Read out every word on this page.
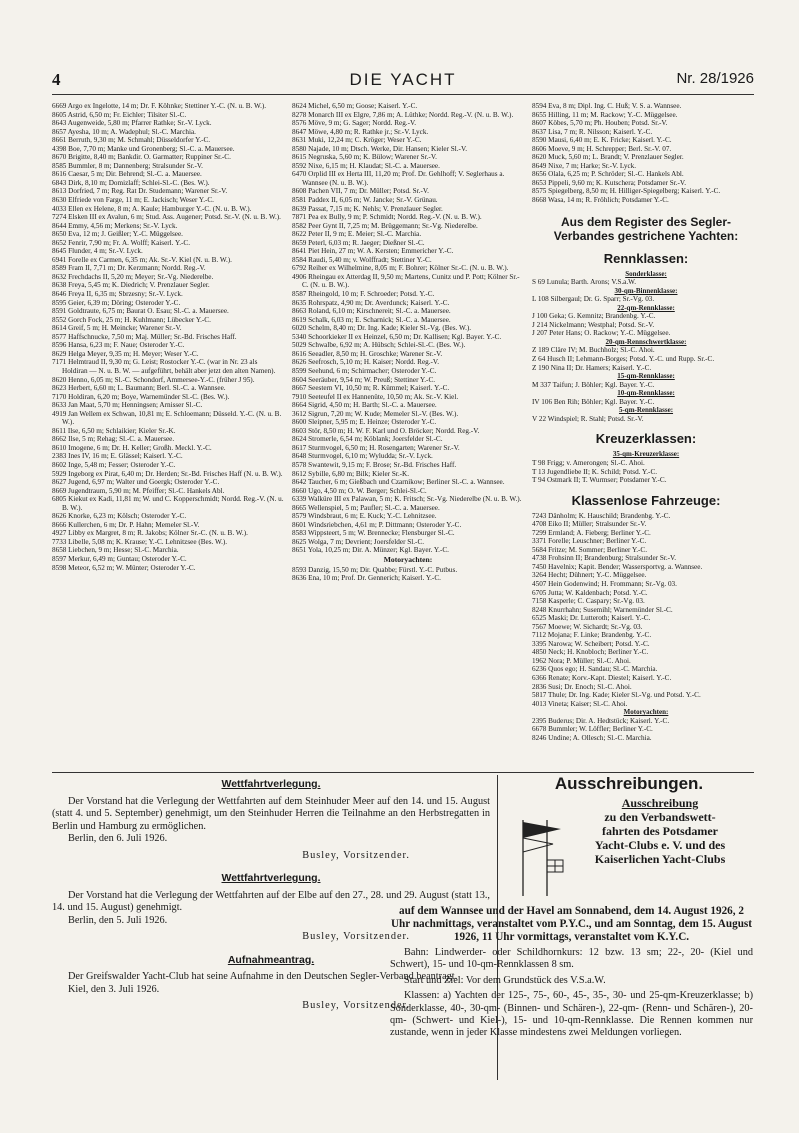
4	DIE YACHT	Nr. 28/1926
6669 Argo ex Ingelotte, 14 m; Dr. F. Köhnke; Stettiner Y.-C. (N. u. B. W.).
8605 Astrid, 6,50 m; Fr. Eichler; Tilsiter Sl.-C.
8643 Augenweide, 5,80 m; Pfarrer Rathke; Sr.-V. Lyck.
8657 Ayesha, 10 m; A. Wadephul; Sl.-C. Marchia.
8661 Berruth, 9,30 m; M. Schmahl; Düsseldorfer Y.-C.
4398 Boe, 7,70 m; Manke und Gronenberg; Sl.-C. a. Mauersee.
8670 Brigitte, 8,40 m; Bankdir. O. Garmatter; Ruppiner Sr.-C.
8585 Bummler, 8 m; Dannenberg; Stralsunder Sr.-V.
8616 Caesar, 5 m; Dir. Behrend; Sl.-C. a. Mauersee.
6843 Dirk, 8,10 m; Domizlaff; Schlei-Sl.-C. (Bes. W.).
8613 Dorfried, 7 m; Reg. Rat Dr. Studemann; Warener Sr.-V.
8630 Elfriede von Farge, 11 m; E. Jackisch; Weser Y.-C.
4033 Ellen ex Helene, 8 m; A. Kaule; Hamburger Y.-C. (N. u. B. W.).
7274 Elsken III ex Avalun, 6 m; Stud. Ass. Augener; Potsd. Sr.-V. (N. u. B. W.).
8644 Emmy, 4,56 m; Merkens; Sr.-V. Lyck.
8650 Eva, 12 m; J. Geißler; Y.-C. Müggelsee.
8652 Fenrir, 7,90 m; Fr. A. Wolff; Kaiserl. Y.-C.
8645 Flunder, 4 m; Sr.-V. Lyck.
6941 Forelle ex Carmen, 6,35 m; Ak. Sr.-V. Kiel (N. u. B. W.).
8589 Fram II, 7,71 m; Dr. Kerzmann; Nordd. Reg.-V.
8632 Frechdachs II, 5,20 m; Meyer; Sr.-Vg. Niederelbe.
8638 Freya, 5,45 m; K. Diedrich; V. Prenzlauer Segler.
8646 Freya II, 6,35 m; Sbrzesny; Sr.-V. Lyck.
8595 Geier, 6,39 m; Döring; Osteroder Y.-C.
8591 Goldtraute, 6,75 m; Baurat O. Esau; Sl.-C. a. Mauersee.
8552 Gorch Fock, 25 m; H. Kuhlmann; Lübecker Y.-C.
8614 Greif, 5 m; H. Meincke; Warener Sr.-V.
8577 Haffschnucke, 7,50 m; Maj. Müller; Sr.-Bd. Frisches Haff.
8596 Hansa, 6,23 m; F. Naue; Osteroder Y.-C.
8629 Helga Meyer, 9,35 m; H. Meyer; Weser Y.-C.
7171 Helmtraud II, 9,30 m; G. Leist; Rostocker Y.-C. (war in Nr. 23 als Holdiran — N. u. B. W. — aufgeführt, behält aber jetzt den alten Namen).
8620 Henno, 6,05 m; Sl.-C. Schondorf, Ammersee-Y.-C. (früher J 95).
8623 Herbert, 6,60 m; L. Baumann; Berl. Sl.-C. a. Wannsee.
7170 Holdiran, 6,20 m; Boye, Warnemünder Sl.-C. (Bes. W.).
8633 Jan Maat, 5,70 m; Henningsen; Arnisser Sl.-C.
4919 Jan Wellem ex Schwan, 10,81 m; E. Schloemann; Düsseld. Y.-C. (N. u. B. W.).
8611 Ilse, 6,50 m; Schlaikier; Kieler Sr.-K.
8662 Ilse, 5 m; Rehag; Sl.-C. a. Mauersee.
8610 Imogene, 6 m; Dr. H. Keller; Großh. Meckl. Y.-C.
2383 Ines IV, 16 m; E. Glässel; Kaiserl. Y.-C.
8602 Inge, 5,48 m; Fesser; Osteroder Y.-C.
5929 Ingeborg ex Pirat, 6,40 m; Dr. Herden; Sr.-Bd. Frisches Haff (N. u. B. W.).
8627 Jugend, 6,97 m; Walter und Goergk; Osteroder Y.-C.
8669 Jugendtraum, 5,90 m; M. Pfeiffer; Sl.-C. Hankels Abl.
6805 Kiekut ex Kadi, 11,81 m; W. und C. Kopperschmidt; Nordd. Reg.-V. (N. u. B. W.).
8626 Knorke, 6,23 m; Kölsch; Osteroder Y.-C.
8666 Kullerchen, 6 m; Dr. P. Hahn; Memeler Sl.-V.
4927 Libby ex Margret, 8 m; R. Jakobs; Kölner Sr.-C. (N. u. B. W.).
7733 Libelle, 5,08 m; K. Krause; Y.-C. Lehnitzsee (Bes. W.).
8658 Liebchen, 9 m; Hesse; Sl.-C. Marchia.
8597 Merkur, 6,49 m; Guntau; Osteroder Y.-C.
8598 Meteor, 6,52 m; W. Münter; Osteroder Y.-C.
8624 Michel, 6,50 m; Goose; Kaiserl. Y.-C.
8278 Monarch III ex Elgre, 7,86 m; A. Lüthke; Nordd. Reg.-V. (N. u. B. W.).
8576 Möve, 9 m; G. Sager; Nordd. Reg.-V.
8647 Möwe, 4,80 m; R. Rathke jr.; Sr.-V. Lyck.
8631 Muki, 12,24 m; C. Kröger; Weser Y.-C.
8580 Najade, 10 m; Dtsch. Werke, Dir. Hansen; Kieler Sl.-V.
8615 Negruska, 5,60 m; K. Bülow; Warener Sr.-V.
8592 Nixe, 6,15 m; H. Klaudat; Sl.-C. a. Mauersee.
6470 Orplid III ex Herta III, 11,20 m; Prof. Dr. Gehlhoff; V. Seglerhaus a. Wannsee (N. u. B. W.).
8608 Pachen VII, 7 m; Dr. Müller; Potsd. Sr.-V.
8581 Paddex II, 6,05 m; W. Jancke; Sr.-V. Grünau.
8639 Passat, 7,15 m; K. Nehls; V. Prenzlauer Segler.
7871 Pea ex Bully, 9 m; P. Schmidt; Nordd. Reg.-V. (N. u. B. W.).
8582 Peer Gynt II, 7,25 m; M. Brüggemann; Sr.-Vg. Niederelbe.
8622 Peter II, 9 m; E. Meier; Sl.-C. Marchia.
8659 Peterl, 6,03 m; R. Jaeger; Dießner Sl.-C.
8641 Piet Hein, 27 m; W. A. Kersten; Emmericher Y.-C.
8584 Raudi, 5,40 m; v. Wolffradt; Stettiner Y.-C.
6792 Reiher ex Wilhelmine, 8,05 m; F. Bohrer; Kölner Sr.-C. (N. u. B. W.).
4906 Rheingau ex Atterdag II, 9,50 m; Martens, Cunitz und P. Pott; Kölner Sr.-C. (N. u. B. W.).
8587 Rheingold, 10 m; F. Schroeder; Potsd. Y.-C.
8635 Rohrspatz, 4,90 m; Dr. Averdunck; Kaiserl. Y.-C.
8663 Roland, 6,10 m; Kirschnereit; Sl.-C. a. Mauersee.
8619 Schalk, 6,03 m; E. Scharnick; Sl.-C. a. Mauersee.
6020 Schelm, 8,40 m; Dr. Ing. Kade; Kieler Sl.-Vg. (Bes. W.).
5340 Schoorkieker II ex Heinzel, 6,50 m; Dr. Kallisen; Kgl. Bayer. Y.-C.
5029 Schwalbe, 6,92 m; A. Hübsch; Schlei-Sl.-C. (Bes. W.).
8616 Seeadler, 8,50 m; H. Groschke; Warener Sr.-V.
8626 Seefrosch, 5,10 m; H. Kaiser; Nordd. Reg.-V.
8599 Seehund, 6 m; Schirmacher; Osteroder Y.-C.
8604 Seeräuber, 9,54 m; W. Preuß; Stettiner Y.-C.
8667 Seestern VI, 10,50 m; R. Kümmel; Kaiserl. Y.-C.
7910 Seeteufel II ex Hannenüte, 10,50 m; Ak. Sr.-V. Kiel.
8664 Sigrid, 4,50 m; H. Barth; Sl.-C. a. Mauersee.
3612 Sigrun, 7,20 m; W. Kude; Memeler Sl.-V. (Bes. W.).
8600 Sleipner, 5,95 m; E. Heinze; Osteroder Y.-C.
8603 Stör, 8,50 m; H. W. F. Karl und O. Bröcker; Nordd. Reg.-V.
8624 Stromerle, 6,54 m; Köblank; Joersfelder Sl.-C.
8617 Sturmvogel, 6,50 m; H. Rosengarten; Warener Sr.-V.
8648 Sturmvogel, 6,10 m; Wyludda; Sr.-V. Lyck.
8578 Swantewit, 9,15 m; F. Brose; Sr.-Bd. Frisches Haff.
8612 Sybille, 6,80 m; Bilk; Kieler Sr.-K.
8642 Taucher, 6 m; Gießbach und Czarnikow; Berliner Sl.-C. a. Wannsee.
8660 Ugo, 4,50 m; O. W. Berger; Schlei-Sl.-C.
6339 Walküre III ex Palawan, 5 m; K. Fritsch; Sr.-Vg. Niederelbe (N. u. B. W.).
8665 Wellenspiel, 5 m; Paufler; Sl.-C. a. Mauersee.
8579 Windsbraut, 6 m; E. Kuck; Y.-C. Lehnitzsee.
8601 Windsriebchen, 4,61 m; P. Dittmann; Osteroder Y.-C.
8583 Wippsteert, 5 m; W. Brennecke; Flensburger Sl.-C.
8625 Wolga, 7 m; Devrient; Joersfelder Sl.-C.
8651 Yola, 10,25 m; Dir. A. Münzer; Kgl. Bayer. Y.-C.
Motoryachten:
8593 Danzig, 15,50 m; Dir. Quabbe; Fürstl. Y.-C. Putbus.
8636 Ena, 10 m; Prof. Dr. Gennerich; Kaiserl. Y.-C.
8594 Eva, 8 m; Dipl. Ing. C. Huß; V. S. a. Wannsee.
8655 Hilling, 11 m; M. Rackow; Y.-C. Müggelsee.
8607 Köbes, 5,70 m; Ph. Houben; Potsd. Sr.-V.
8637 Lisa, 7 m; R. Nilsson; Kaiserl. Y.-C.
8590 Mausi, 6,40 m; E. K. Fricke; Kaiserl. Y.-C.
8606 Moeve, 9 m; H. Schrepper; Berl. Sr.-V. 07.
8620 Muck, 5,60 m; L. Brandt; V. Prenzlauer Segler.
8649 Nixe, 7 m; Harke; Sr.-V. Lyck.
8656 Olala, 6,25 m; P. Schröder; Sl.-C. Hankels Abl.
8653 Pippeli, 9,60 m; K. Kutschera; Potsdamer Sr.-V.
8575 Spiegelberg, 8,50 m; H. Hilliger-Spiegelberg; Kaiserl. Y.-C.
8668 Wasa, 14 m; R. Fröhlich; Potsdamer Y.-C.
Aus dem Register des Segler-Verbandes gestrichene Yachten:
Rennklassen:
Sonderklasse:
S 69 Lunula; Barth. Arons; V.S.a.W.
30-qm-Binnenklasse:
L 108 Silbergaul; Dr. G. Sparr; Sr.-Vg. 03.
22-qm-Rennklasse:
J 100 Geka; G. Kemnitz; Brandenbg. Y.-C.
J 214 Nickelmann; Westphal; Potsd. Sr.-V.
J 207 Peter Hans; O. Rackow; Y.-C. Müggelsee.
20-qm-Rennschwertklasse:
Z 189 Cläre IV; M. Buchholz; Sl.-C. Ahoi.
Z 64 Husch II; Lehmann-Borges; Potsd. Y.-C. und Rupp. Sr.-C.
Z 190 Nina II; Dr. Hamers; Kaiserl. Y.-C.
15-qm-Rennklasse:
M 337 Taifun; J. Böhler; Kgl. Bayer. Y.-C.
10-qm-Rennklasse:
IV 106 Ben Rih; Böhler; Kgl. Bayer. Y.-C.
5-qm-Rennklasse:
V 22 Windspiel; R. Stahl; Potsd. Sr.-V.
Kreuzerklassen:
35-qm-Kreuzerklasse:
T 98 Frigg; v. Amerongen; Sl.-C. Ahoi.
T 13 Jugendliebe II; K. Schild; Potsd. Y.-C.
T 94 Ostmark II; T. Wurmser; Potsdamer Y.-C.
Klassenlose Fahrzeuge:
7243 Dänholm; K. Hauschild; Brandenbg. Y.-C.
4708 Eiko II; Müller; Stralsunder Sr.-V.
7299 Ermland; A. Fieberg; Berliner Y.-C.
3371 Forelle; Leuschner; Berliner Y.-C.
5684 Fritze; M. Sommer; Berliner Y.-C.
4738 Frohsinn II; Brandenburg; Stralsunder Sr.-V.
7450 Havelnix; Kapit. Bender; Wassersportvg. a. Wannsee.
3264 Hecht; Dühnert; Y.-C. Müggelsee.
4507 Hein Godenwind; H. Frommann; Sr.-Vg. 03.
6705 Jutta; W. Kaldenbach; Potsd. Y.-C.
7158 Kasperle; C. Caspary; Sr.-Vg. 03.
8248 Knurrhahn; Susemihl; Warnemünder Sl.-C.
6525 Maski; Dr. Lutteroth; Kaiserl. Y.-C.
7567 Moewe; W. Sichardt; Sr.-Vg. 03.
7112 Mojana; F. Linke; Brandenbg. Y.-C.
3395 Narowa; W. Scheibert; Potsd. Y.-C.
4850 Neck; H. Knobloch; Berliner Y.-C.
1962 Nora; P. Müller; Sl.-C. Ahoi.
6236 Quos ego; H. Sandau; Sl.-C. Marchia.
6366 Renate; Korv.-Kapt. Diestel; Kaiserl. Y.-C.
2836 Susi; Dr. Enoch; Sl.-C. Ahoi.
5817 Thule; Dr. Ing. Kade; Kieler Sl.-Vg. und Potsd. Y.-C.
4013 Vineta; Kaiser; Sl.-C. Ahoi.
Motoryachten:
2395 Buderus; Dir. A. Hedtstück; Kaiserl. Y.-C.
6678 Bummler; W. Löffler; Berliner Y.-C.
8246 Undine; A. Ollesch; Sl.-C. Marchia.
Wettfahrtverlegung.

Der Vorstand hat die Verlegung der Wettfahrten auf dem Steinhuder Meer auf den 14. und 15. August (statt 4. und 5. September) genehmigt, um den Steinhuder Herren die Teilnahme an den Herbstregatten in Berlin und Hamburg zu ermöglichen.

Berlin, den 6. Juli 1926.

Busley, Vorsitzender.
Wettfahrtverlegung.

Der Vorstand hat die Verlegung der Wettfahrten auf der Elbe auf den 27., 28. und 29. August (statt 13., 14. und 15. August) genehmigt.

Berlin, den 5. Juli 1926.

Busley, Vorsitzender.
Aufnahmeantrag.

Der Greifswalder Yacht-Club hat seine Aufnahme in den Deutschen Segler-Verband beantragt.

Kiel, den 3. Juli 1926.

Busley, Vorsitzender.
Ausschreibungen.
Ausschreibung
zu den Verbandswett-
fahrten des Potsdamer
Yacht-Clubs e. V. und des
Kaiserlichen Yacht-Clubs
auf dem Wannsee und der Havel am Sonnabend, dem 14. August 1926, 2 Uhr nachmittags, veranstaltet vom P.Y.C., und am Sonntag, dem 15. August 1926, 11 Uhr vormittags, veranstaltet vom K.Y.C.

Bahn: Lindwerder- oder Schildhornkurs: 12 bzw. 13 sm; 22-, 20- (Kiel und Schwert), 15- und 10-qm-Rennklassen 8 sm.

Start und Ziel: Vor dem Grundstück des V.S.a.W.

Klassen: a) Yachten der 125-, 75-, 60-, 45-, 35-, 30- und 25-qm-Kreuzerklasse; b) Sonderklasse, 40-, 30-qm- (Binnen- und Schären-), 22-qm- (Renn- und Schären-), 20-qm- (Schwert- und Kiel-), 15- und 10-qm-Rennklasse. Die Rennen kommen nur zustande, wenn in jeder Klasse mindestens zwei Meldungen vorliegen.
